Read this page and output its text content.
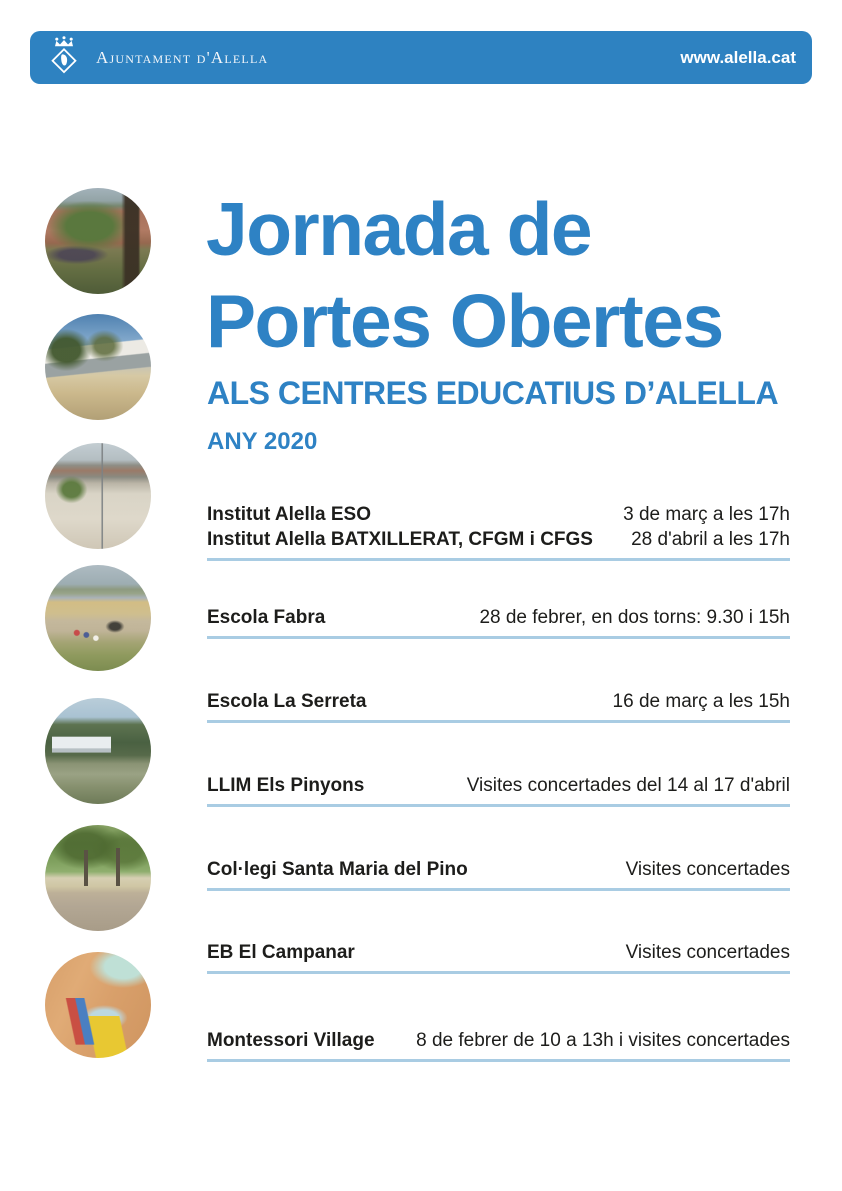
Ajuntament d'Alella	www.alella.cat
Jornada de
Portes Obertes
ALS CENTRES EDUCATIUS D’ALELLA
ANY 2020
Institut Alella ESO	3 de març a les 17h
Institut Alella BATXILLERAT, CFGM i CFGS 28 d'abril a les 17h
Escola Fabra	28 de febrer, en dos torns: 9.30 i 15h
Escola La Serreta	16 de març a les 15h
LLIM Els Pinyons	Visites concertades del 14 al 17 d'abril
Col·legi Santa Maria del Pino	Visites concertades
EB El Campanar	Visites concertades
Montessori Village 8 de febrer de 10 a 13h i visites concertades
